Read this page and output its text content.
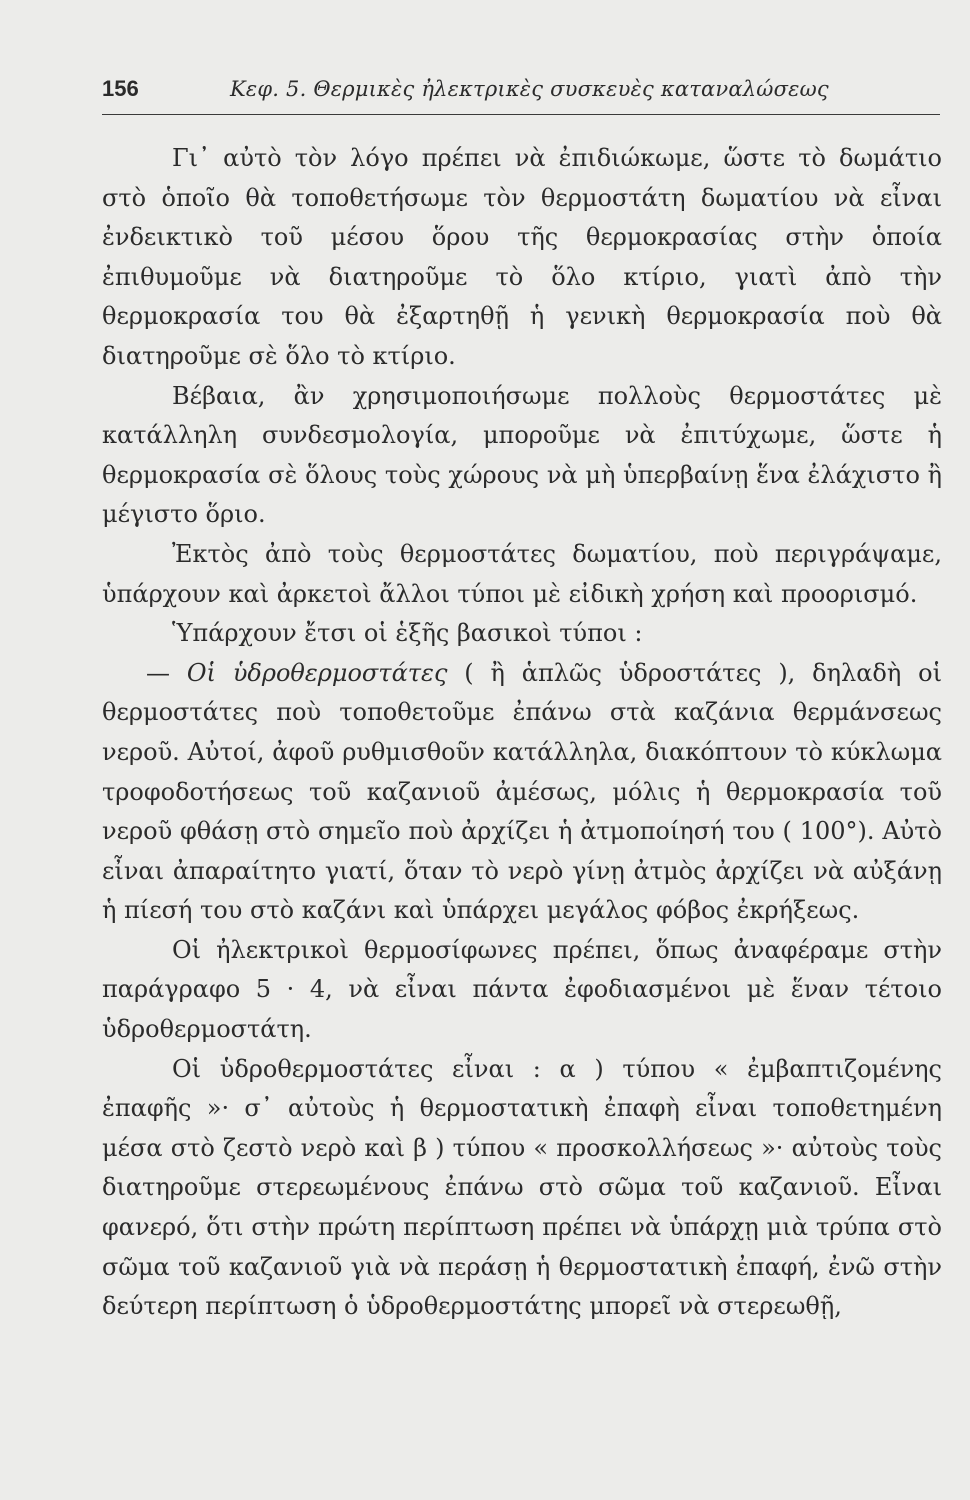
156	Κεφ. 5. Θερμικὲς ἠλεκτρικὲς συσκευὲς καταναλώσεως

Γι᾿ αὐτὸ τὸν λόγο πρέπει νὰ ἐπιδιώκωμε, ὥστε τὸ δωμάτιο στὸ ὁποῖο θὰ τοποθετήσωμε τὸν θερμοστάτη δωματίου νὰ εἶναι ἐνδεικτικὸ τοῦ μέσου ὅρου τῆς θερμοκρασίας στὴν ὁποία ἐπιθυμοῦμε νὰ διατηροῦμε τὸ ὅλο κτίριο, γιατὶ ἀπὸ τὴν θερμοκρασία του θὰ ἐξαρτηθῇ ἡ γενικὴ θερμοκρασία ποὺ θὰ διατηροῦμε σὲ ὅλο τὸ κτίριο.

Βέβαια, ἂν χρησιμοποιήσωμε πολλοὺς θερμοστάτες μὲ κατάλληλη συνδεσμολογία, μποροῦμε νὰ ἐπιτύχωμε, ὥστε ἡ θερμοκρασία σὲ ὅλους τοὺς χώρους νὰ μὴ ὑπερβαίνῃ ἕνα ἐλάχιστο ἢ μέγιστο ὅριο.

Ἐκτὸς ἀπὸ τοὺς θερμοστάτες δωματίου, ποὺ περιγράψαμε, ὑπάρχουν καὶ ἀρκετοὶ ἄλλοι τύποι μὲ εἰδικὴ χρήση καὶ προορισμό.

Ὑπάρχουν ἔτσι οἱ ἑξῆς βασικοὶ τύποι :

— Οἱ ὑδροθερμοστάτες ( ἢ ἁπλῶς ὑδροστάτες ), δηλαδὴ οἱ θερμοστάτες ποὺ τοποθετοῦμε ἐπάνω στὰ καζάνια θερμάνσεως νεροῦ. Αὐτοί, ἀφοῦ ρυθμισθοῦν κατάλληλα, διακόπτουν τὸ κύκλωμα τροφοδοτήσεως τοῦ καζανιοῦ ἀμέσως, μόλις ἡ θερμοκρασία τοῦ νεροῦ φθάσῃ στὸ σημεῖο ποὺ ἀρχίζει ἡ ἀτμοποίησή του ( 100°). Αὐτὸ εἶναι ἀπαραίτητο γιατί, ὅταν τὸ νερὸ γίνῃ ἀτμὸς ἀρχίζει νὰ αὐξάνῃ ἡ πίεσή του στὸ καζάνι καὶ ὑπάρχει μεγάλος φόβος ἐκρήξεως.

Οἱ ἠλεκτρικοὶ θερμοσίφωνες πρέπει, ὅπως ἀναφέραμε στὴν παράγραφο 5 · 4, νὰ εἶναι πάντα ἐφοδιασμένοι μὲ ἕναν τέτοιο ὑδροθερμοστάτη.

Οἱ ὑδροθερμοστάτες εἶναι : α ) τύπου « ἐμβαπτιζομένης ἐπαφῆς »· σ᾿ αὐτοὺς ἡ θερμοστατικὴ ἐπαφὴ εἶναι τοποθετημένη μέσα στὸ ζεστὸ νερὸ καὶ β ) τύπου « προσκολλήσεως »· αὐτοὺς τοὺς διατηροῦμε στερεωμένους ἐπάνω στὸ σῶμα τοῦ καζανιοῦ. Εἶναι φανερό, ὅτι στὴν πρώτη περίπτωση πρέπει νὰ ὑπάρχῃ μιὰ τρύπα στὸ σῶμα τοῦ καζανιοῦ γιὰ νὰ περάσῃ ἡ θερμοστατικὴ ἐπαφή, ἐνῶ στὴν δεύτερη περίπτωση ὁ ὑδροθερμοστάτης μπορεῖ νὰ στερεωθῇ,
